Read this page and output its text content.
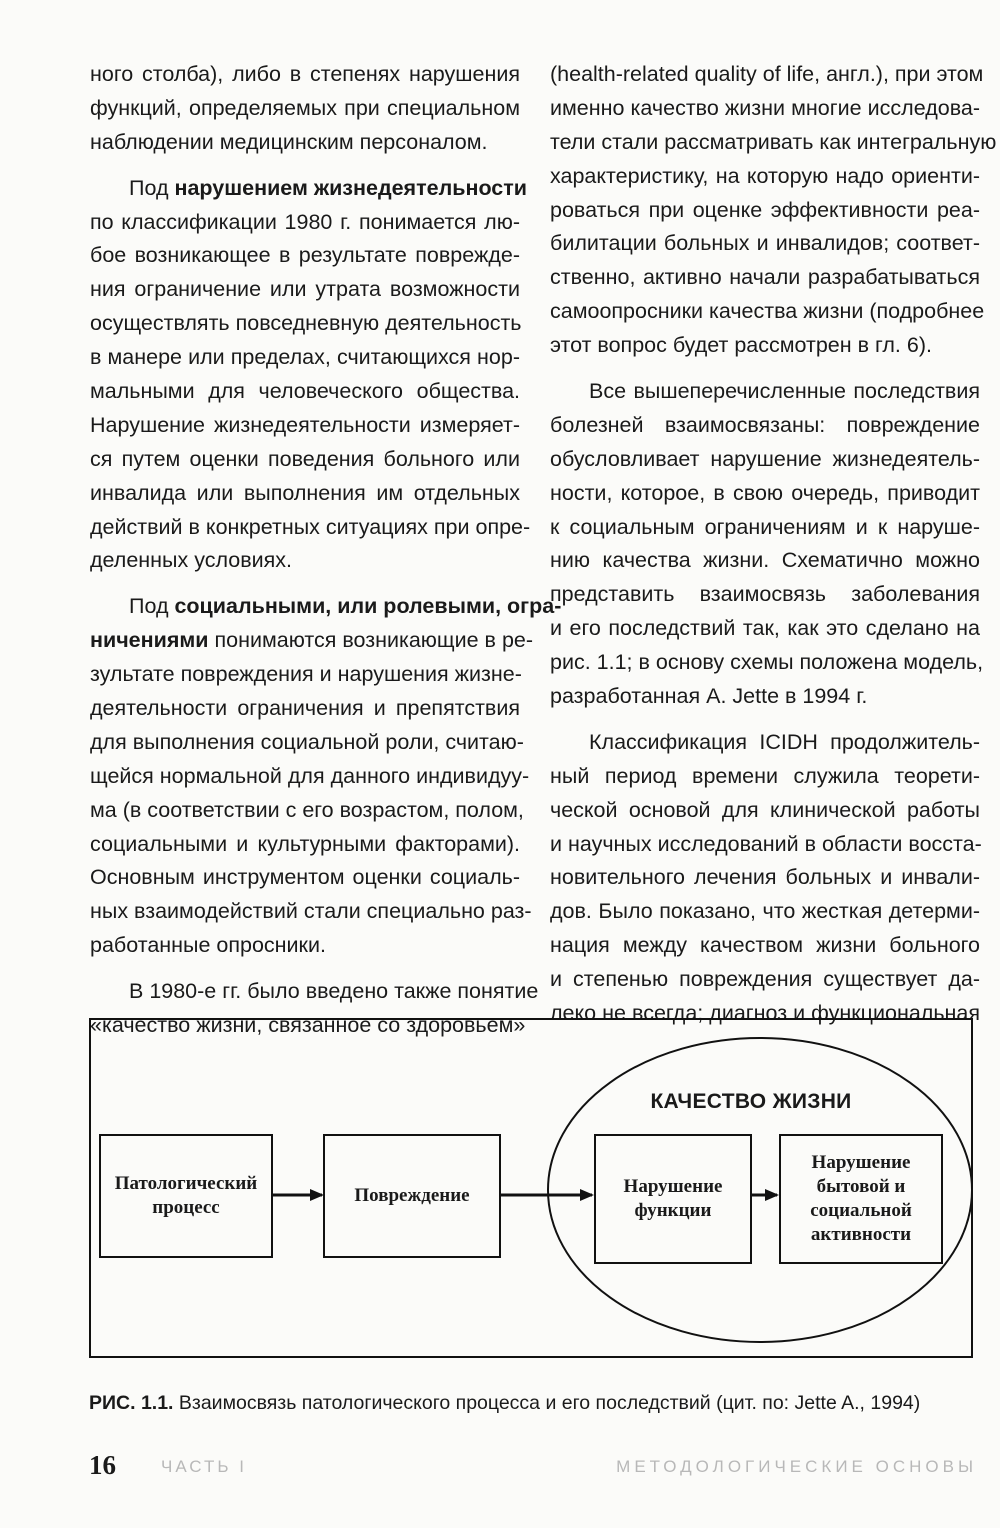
ного столба), либо в степенях нарушения
функций, определяемых при специальном
наблюдении медицинским персоналом.
Под нарушением жизнедеятельности
по классификации 1980 г. понимается лю-
бое возникающее в результате поврежде-
ния ограничение или утрата возможности
осуществлять повседневную деятельность
в манере или пределах, считающихся нор-
мальными для человеческого общества.
Нарушение жизнедеятельности измеряет-
ся путем оценки поведения больного или
инвалида или выполнения им отдельных
действий в конкретных ситуациях при опре-
деленных условиях.
Под социальными, или ролевыми, огра-
ничениями понимаются возникающие в ре-
зультате повреждения и нарушения жизне-
деятельности ограничения и препятствия
для выполнения социальной роли, считаю-
щейся нормальной для данного индивидуу-
ма (в соответствии с его возрастом, полом,
социальными и культурными факторами).
Основным инструментом оценки социаль-
ных взаимодействий стали специально раз-
работанные опросники.
В 1980-е гг. было введено также понятие
«качество жизни, связанное со здоровьем»
(health-related quality of life, англ.), при этом
именно качество жизни многие исследова-
тели стали рассматривать как интегральную
характеристику, на которую надо ориенти-
роваться при оценке эффективности реа-
билитации больных и инвалидов; соответ-
ственно, активно начали разрабатываться
самоопросники качества жизни (подробнее
этот вопрос будет рассмотрен в гл. 6).
Все вышеперечисленные последствия
болезней взаимосвязаны: повреждение
обусловливает нарушение жизнедеятель-
ности, которое, в свою очередь, приводит
к социальным ограничениям и к наруше-
нию качества жизни. Схематично можно
представить взаимосвязь заболевания
и его последствий так, как это сделано на
рис. 1.1; в основу схемы положена модель,
разработанная A. Jette в 1994 г.
Классификация ICIDH продолжитель-
ный период времени служила теорети-
ческой основой для клинической работы
и научных исследований в области восста-
новительного лечения больных и инвали-
дов. Было показано, что жесткая детерми-
нация между качеством жизни больного
и степенью повреждения существует да-
леко не всегда; диагноз и функциональная
КАЧЕСТВО ЖИЗНИ
Патологический процесс
Повреждение	Нарушение функции
Нарушение бытовой и социальной активности
РИС. 1.1. Взаимосвязь патологического процесса и его последствий (цит. по: Jette A., 1994)
16	ЧАСТЬ I	МЕТОДОЛОГИЧЕСКИЕ ОСНОВЫ
